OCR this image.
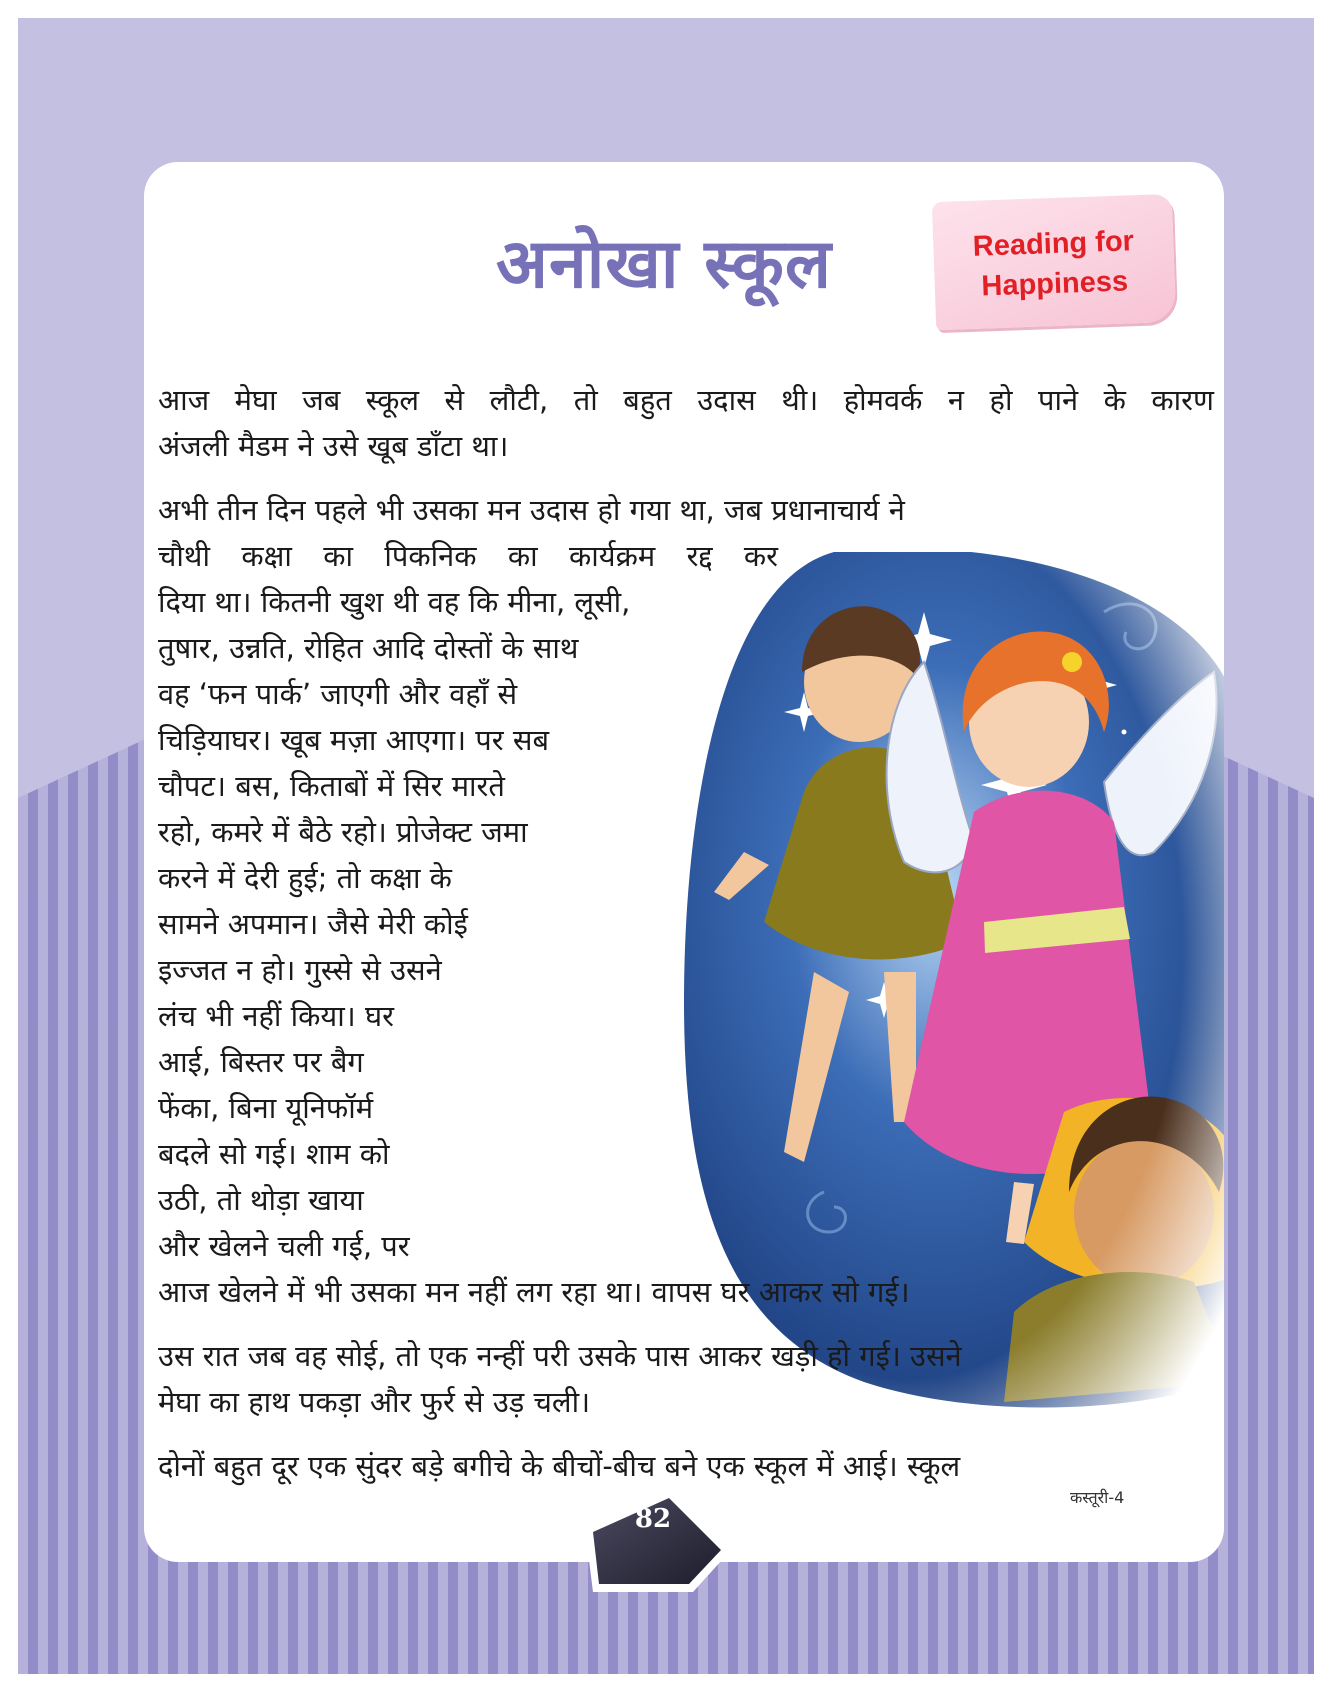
अनोखा स्कूल	Reading for
Happiness
आज मेघा जब स्कूल से लौटी, तो बहुत उदास थी। होमवर्क न हो पाने के कारण
अंजली मैडम ने उसे खूब डाँटा था।
अभी तीन दिन पहले भी उसका मन उदास हो गया था, जब प्रधानाचार्य ने
चौथी कक्षा का पिकनिक का कार्यक्रम रद्द कर
दिया था। कितनी खुश थी वह कि मीना, लूसी,
तुषार, उन्नति, रोहित आदि दोस्तों के साथ
वह ‘फन पार्क’ जाएगी और वहाँ से
चिड़ियाघर। खूब मज़ा आएगा। पर सब
चौपट। बस, किताबों में सिर मारते
रहो, कमरे में बैठे रहो। प्रोजेक्ट जमा
करने में देरी हुई; तो कक्षा के
सामने अपमान। जैसे मेरी कोई
इज्जत न हो। गुस्से से उसने
लंच भी नहीं किया। घर
आई, बिस्तर पर बैग
फेंका, बिना यूनिफॉर्म
बदले सो गई। शाम को
उठी, तो थोड़ा खाया
और खेलने चली गई, पर
आज खेलने में भी उसका मन नहीं लग रहा था। वापस घर आकर सो गई।
उस रात जब वह सोई, तो एक नन्हीं परी उसके पास आकर खड़ी हो गई। उसने
मेघा का हाथ पकड़ा और फुर्र से उड़ चली।
दोनों बहुत दूर एक सुंदर बड़े बगीचे के बीचों-बीच बने एक स्कूल में आई। स्कूल
कस्तूरी-4
82
